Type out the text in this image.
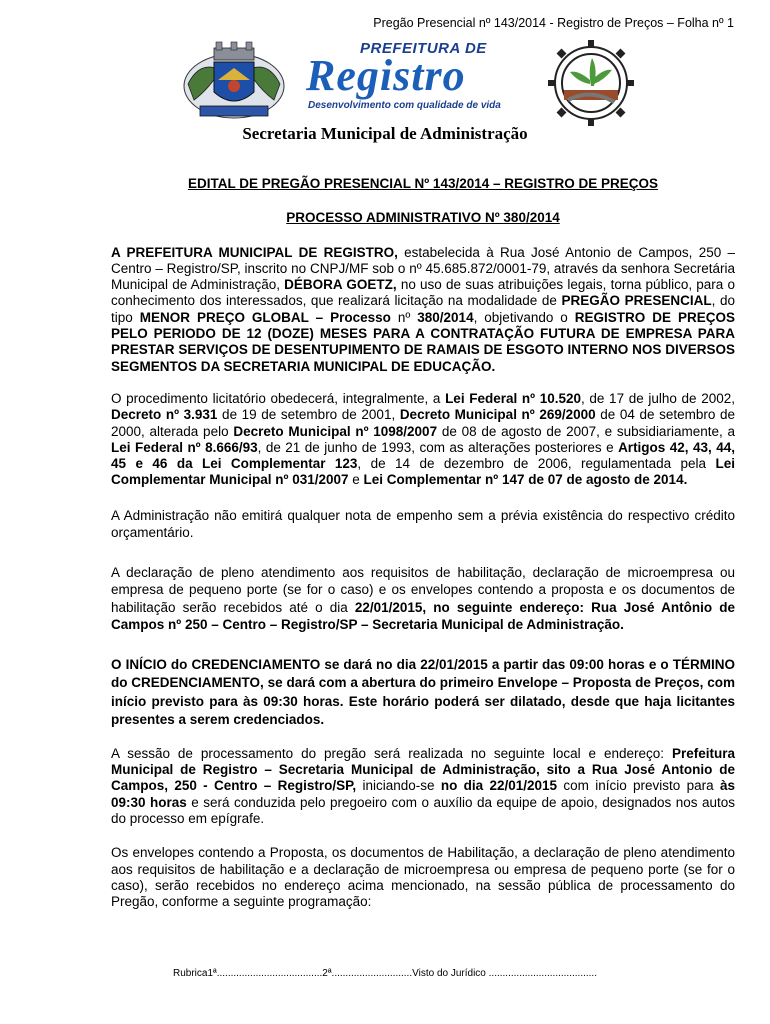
Pregão Presencial nº 143/2014 - Registro de Preços – Folha nº 1
PREFEITURA DE
Registro
Desenvolvimento com qualidade de vida
Secretaria Municipal de Administração
EDITAL DE PREGÃO PRESENCIAL Nº 143/2014 – REGISTRO DE PREÇOS
PROCESSO ADMINISTRATIVO Nº 380/2014

A PREFEITURA MUNICIPAL DE REGISTRO, estabelecida à Rua José Antonio de Campos, 250 – Centro – Registro/SP, inscrito no CNPJ/MF sob o nº 45.685.872/0001-79, através da senhora Secretária Municipal de Administração, DÉBORA GOETZ, no uso de suas atribuições legais, torna público, para o conhecimento dos interessados, que realizará licitação na modalidade de PREGÃO PRESENCIAL, do tipo MENOR PREÇO GLOBAL – Processo nº 380/2014, objetivando o REGISTRO DE PREÇOS PELO PERIODO DE 12 (DOZE) MESES PARA A CONTRATAÇÃO FUTURA DE EMPRESA PARA PRESTAR SERVIÇOS DE DESENTUPIMENTO DE RAMAIS DE ESGOTO INTERNO NOS DIVERSOS SEGMENTOS DA SECRETARIA MUNICIPAL DE EDUCAÇÃO.

O procedimento licitatório obedecerá, integralmente, a Lei Federal nº 10.520, de 17 de julho de 2002, Decreto nº 3.931 de 19 de setembro de 2001, Decreto Municipal nº 269/2000 de 04 de setembro de 2000, alterada pelo Decreto Municipal nº 1098/2007 de 08 de agosto de 2007, e subsidiariamente, a Lei Federal nº 8.666/93, de 21 de junho de 1993, com as alterações posteriores e Artigos 42, 43, 44, 45 e 46 da Lei Complementar 123, de 14 de dezembro de 2006, regulamentada pela Lei Complementar Municipal nº 031/2007 e Lei Complementar nº 147 de 07 de agosto de 2014.

A Administração não emitirá qualquer nota de empenho sem a prévia existência do respectivo crédito orçamentário.

A declaração de pleno atendimento aos requisitos de habilitação, declaração de microempresa ou empresa de pequeno porte (se for o caso) e os envelopes contendo a proposta e os documentos de habilitação serão recebidos até o dia 22/01/2015, no seguinte endereço: Rua José Antônio de Campos nº 250 – Centro – Registro/SP – Secretaria Municipal de Administração.

O INÍCIO do CREDENCIAMENTO se dará no dia 22/01/2015 a partir das 09:00 horas e o TÉRMINO do CREDENCIAMENTO, se dará com a abertura do primeiro Envelope – Proposta de Preços, com início previsto para às 09:30 horas. Este horário poderá ser dilatado, desde que haja licitantes presentes a serem credenciados.

A sessão de processamento do pregão será realizada no seguinte local e endereço: Prefeitura Municipal de Registro – Secretaria Municipal de Administração, sito a Rua José Antonio de Campos, 250 - Centro – Registro/SP, iniciando-se no dia 22/01/2015 com início previsto para às 09:30 horas e será conduzida pelo pregoeiro com o auxílio da equipe de apoio, designados nos autos do processo em epígrafe.

Os envelopes contendo a Proposta, os documentos de Habilitação, a declaração de pleno atendimento aos requisitos de habilitação e a declaração de microempresa ou empresa de pequeno porte (se for o caso), serão recebidos no endereço acima mencionado, na sessão pública de processamento do Pregão, conforme a seguinte programação:

Rubrica1ª......................................2ª.............................Visto do Jurídico .......................................
